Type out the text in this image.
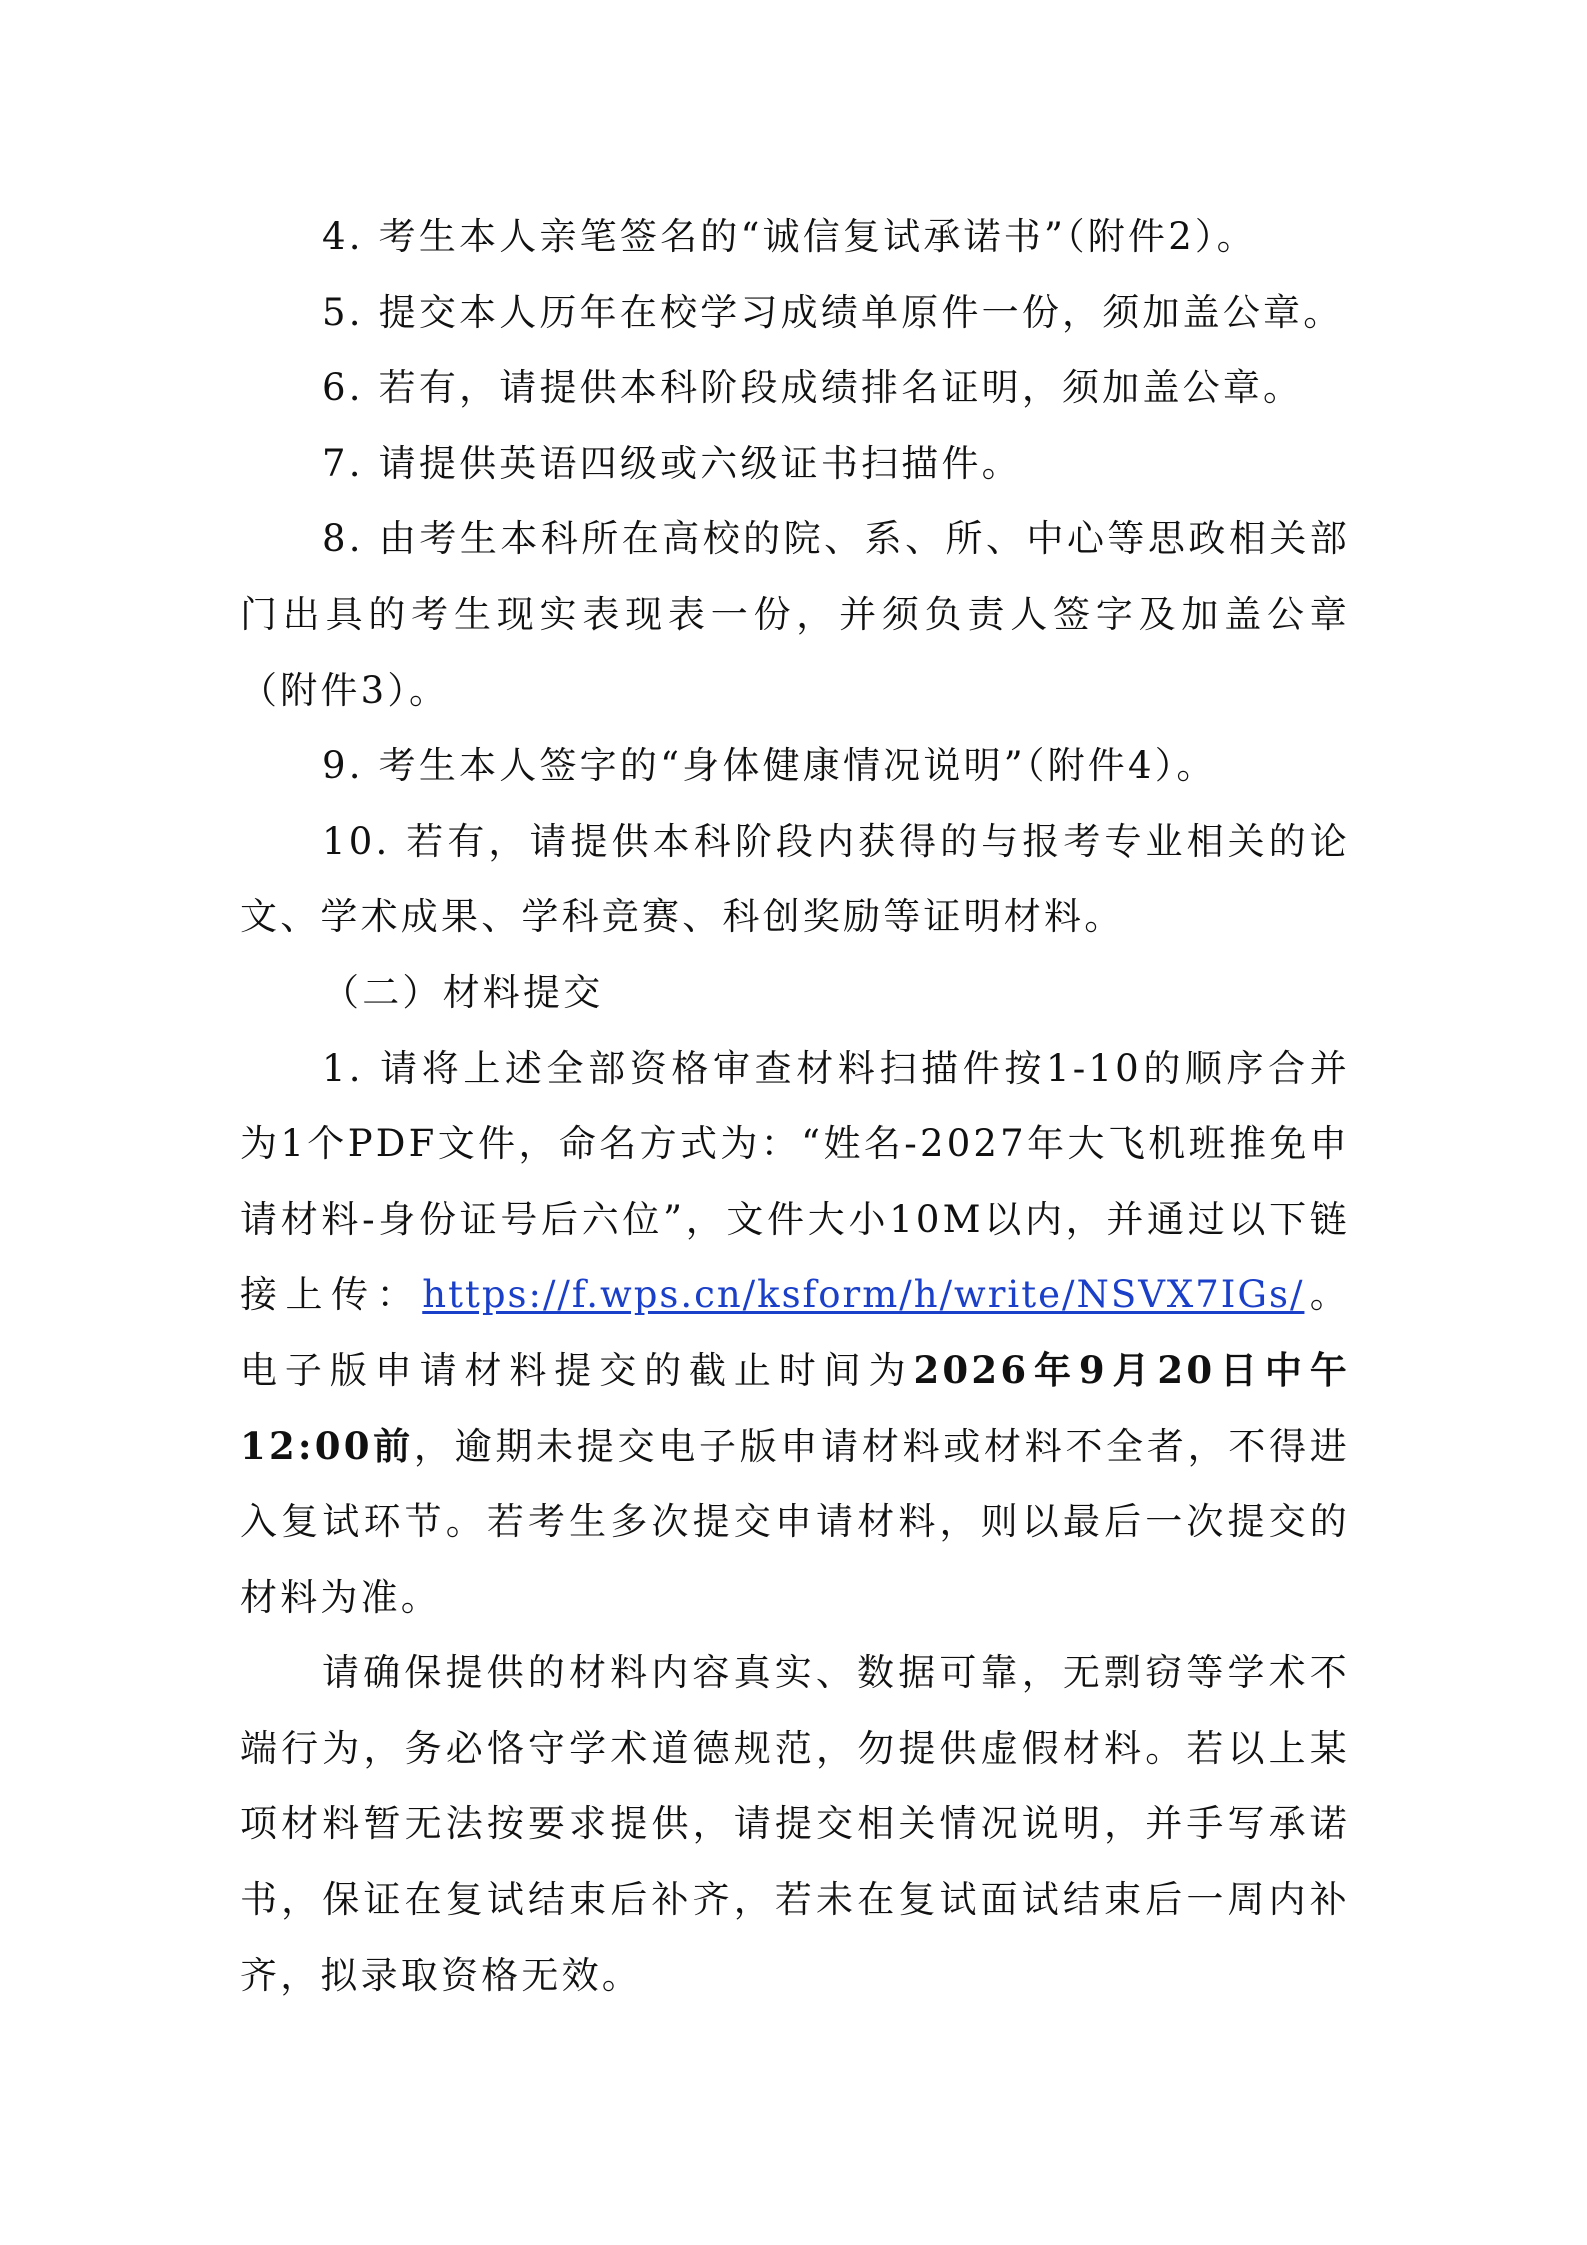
4. 考生本人亲笔签名的“诚信复试承诺书”（附件2）。

5. 提交本人历年在校学习成绩单原件一份，须加盖公章。

6. 若有，请提供本科阶段成绩排名证明，须加盖公章。

7. 请提供英语四级或六级证书扫描件。

8. 由考生本科所在高校的院、系、所、中心等思政相关部门出具的考生现实表现表一份，并须负责人签字及加盖公章（附件3）。

9. 考生本人签字的“身体健康情况说明”（附件4）。

10. 若有，请提供本科阶段内获得的与报考专业相关的论文、学术成果、学科竞赛、科创奖励等证明材料。

（二）材料提交

1. 请将上述全部资格审查材料扫描件按1-10的顺序合并为1个PDF文件，命名方式为：“姓名-2027年大飞机班推免申请材料-身份证号后六位”，文件大小10M以内，并通过以下链接上传：https://f.wps.cn/ksform/h/write/NSVX7IGs/。电子版申请材料提交的截止时间为2026年9月20日中午12:00前，逾期未提交电子版申请材料或材料不全者，不得进入复试环节。若考生多次提交申请材料，则以最后一次提交的材料为准。

请确保提供的材料内容真实、数据可靠，无剽窃等学术不端行为，务必恪守学术道德规范，勿提供虚假材料。若以上某项材料暂无法按要求提供，请提交相关情况说明，并手写承诺书，保证在复试结束后补齐，若未在复试面试结束后一周内补齐，拟录取资格无效。
